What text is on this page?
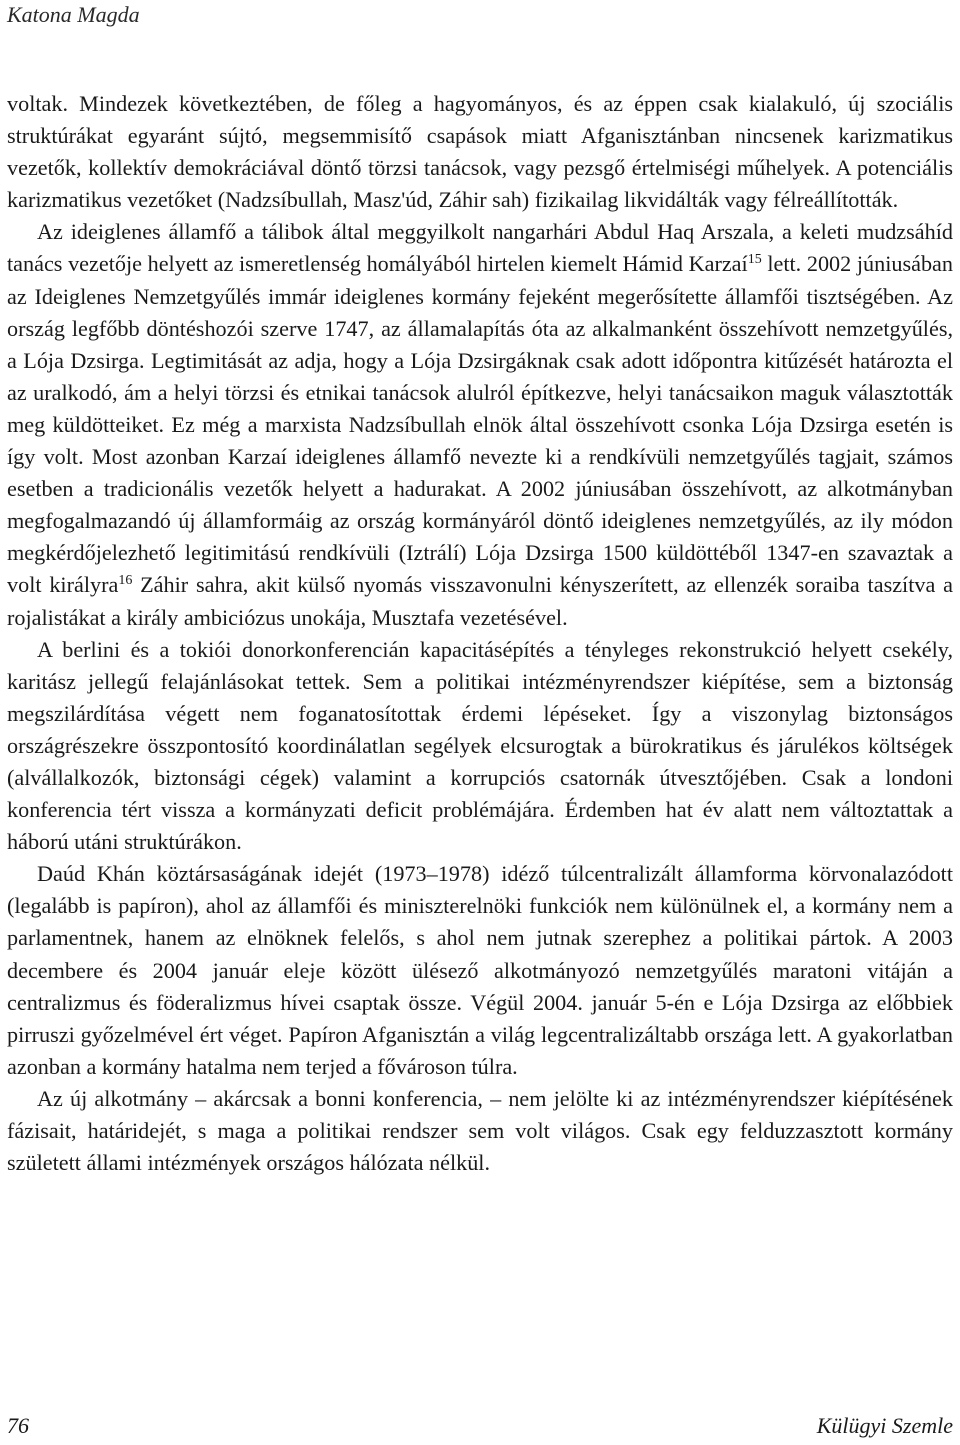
Katona Magda

voltak. Mindezek következtében, de főleg a hagyományos, és az éppen csak kialakuló, új szociális struktúrákat egyaránt sújtó, megsemmisítő csapások miatt Afganisztánban nincsenek karizmatikus vezetők, kollektív demokráciával döntő törzsi tanácsok, vagy pezsgő értelmiségi műhelyek. A potenciális karizmatikus vezetőket (Nadzsíbullah, Masz'úd, Záhir sah) fizikailag likvidálták vagy félreállították.

Az ideiglenes államfő a tálibok által meggyilkolt nangarhári Abdul Haq Arszala, a keleti mudzsáhíd tanács vezetője helyett az ismeretlenség homályából hirtelen kiemelt Hámid Karzaí$^{15}$ lett. 2002 júniusában az Ideiglenes Nemzetgyűlés immár ideiglenes kormány fejeként megerősítette államfői tisztségében. Az ország legfőbb döntéshozói szerve 1747, az államalapítás óta az alkalmanként összehívott nemzetgyűlés, a Lója Dzsirga. Legtimitását az adja, hogy a Lója Dzsirgáknak csak adott időpontra kitűzését határozta el az uralkodó, ám a helyi törzsi és etnikai tanácsok alulról építkezve, helyi tanácsaikon maguk választották meg küldötteiket. Ez még a marxista Nadzsíbullah elnök által összehívott csonka Lója Dzsirga esetén is így volt. Most azonban Karzaí ideiglenes államfő nevezte ki a rendkívüli nemzetgyűlés tagjait, számos esetben a tradicionális vezetők helyett a hadurakat. A 2002 júniusában összehívott, az alkotmányban megfogalmazandó új államformáig az ország kormányáról döntő ideiglenes nemzetgyűlés, az ily módon megkérdőjelezhető legitimitású rendkívüli (Iztrálí) Lója Dzsirga 1500 küldöttéből 1347-en szavaztak a volt királyra$^{16}$ Záhir sahra, akit külső nyomás visszavonulni kényszerített, az ellenzék soraiba taszítva a rojalistákat a király ambiciózus unokája, Musztafa vezetésével.

A berlini és a tokiói donorkonferencián kapacitásépítés a tényleges rekonstrukció helyett csekély, karitász jellegű felajánlásokat tettek. Sem a politikai intézményrendszer kiépítése, sem a biztonság megszilárdítása végett nem foganatosítottak érdemi lépéseket. Így a viszonylag biztonságos országrészekre összpontosító koordinálatlan segélyek elcsurogtak a bürokratikus és járulékos költségek (alvállalkozók, biztonsági cégek) valamint a korrupciós csatornák útvesztőjében. Csak a londoni konferencia tért vissza a kormányzati deficit problémájára. Érdemben hat év alatt nem változtattak a háború utáni struktúrákon.

Daúd Khán köztársaságának idejét (1973–1978) idéző túlcentralizált államforma körvonalazódott (legalább is papíron), ahol az államfői és miniszterelnöki funkciók nem különülnek el, a kormány nem a parlamentnek, hanem az elnöknek felelős, s ahol nem jutnak szerephez a politikai pártok. A 2003 decembere és 2004 január eleje között ülésező alkotmányozó nemzetgyűlés maratoni vitáján a centralizmus és föderalizmus hívei csaptak össze. Végül 2004. január 5-én e Lója Dzsirga az előbbiek pirruszi győzelmével ért véget. Papíron Afganisztán a világ legcentralizáltabb országa lett. A gyakorlatban azonban a kormány hatalma nem terjed a fővároson túlra.

Az új alkotmány – akárcsak a bonni konferencia, – nem jelölte ki az intézményrendszer kiépítésének fázisait, határidejét, s maga a politikai rendszer sem volt világos. Csak egy felduzzasztott kormány született állami intézmények országos hálózata nélkül.

76	Külügyi Szemle
